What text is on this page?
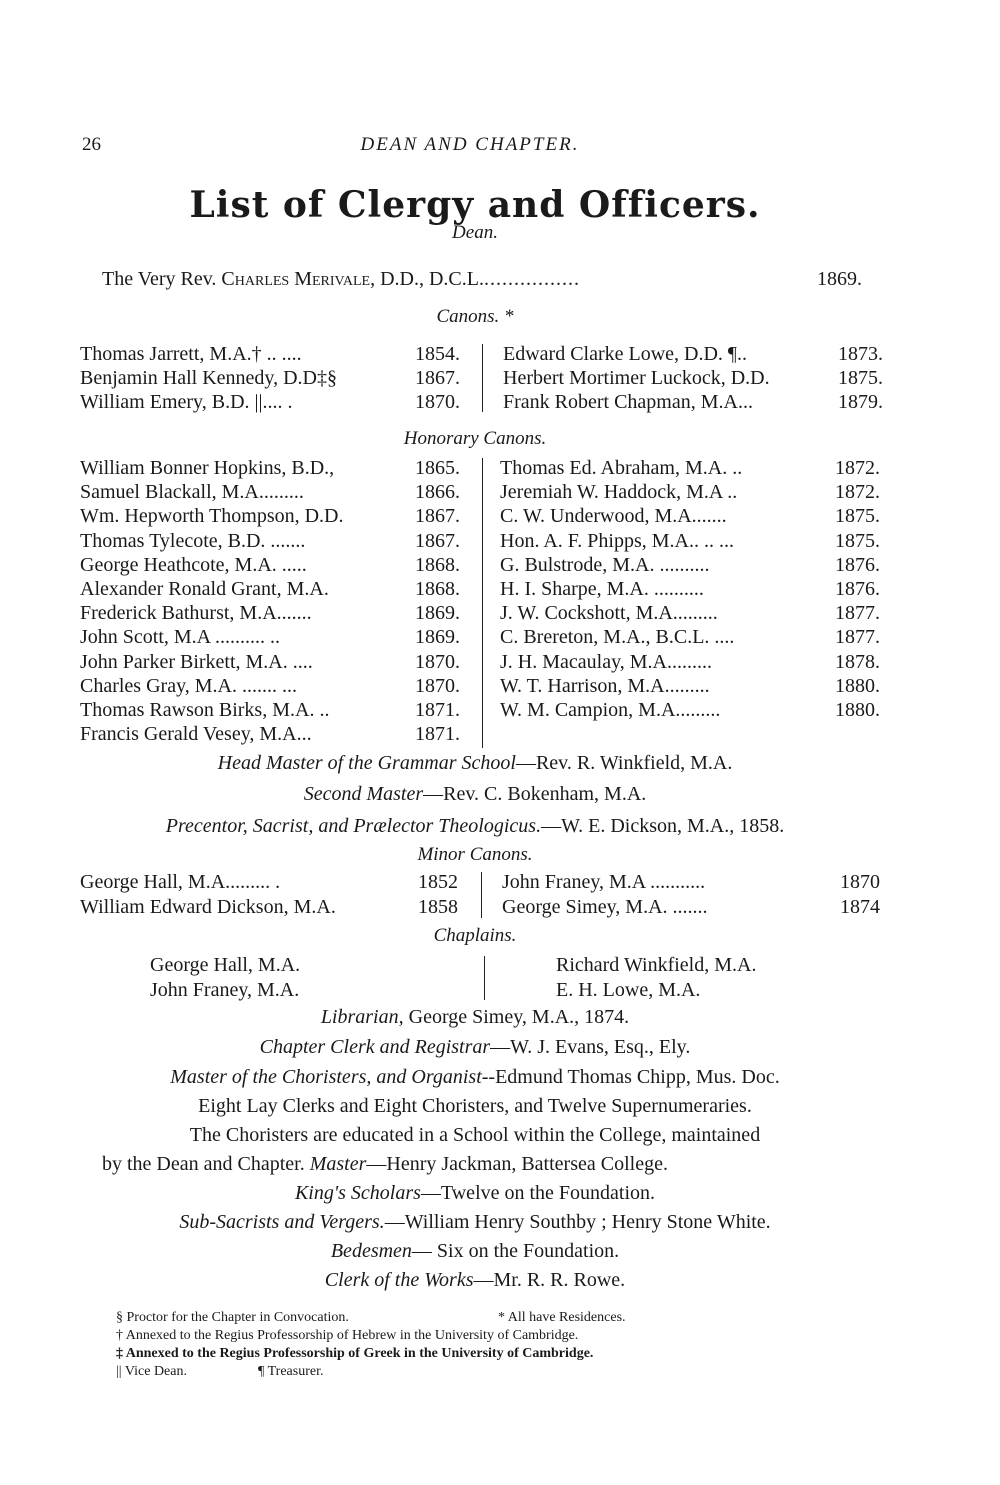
26	DEAN AND CHAPTER.
List of Clergy and Officers.
Dean.
The Very Rev. Charles Merivale, D.D., D.C.L.................	1869.
Canons. *
Thomas Jarrett, M.A.† .. ....	1854.
Benjamin Hall Kennedy, D.D‡§	1867.
William Emery, B.D. ||.... .	1870.
Edward Clarke Lowe, D.D. ¶..	1873.
Herbert Mortimer Luckock, D.D.	1875.
Frank Robert Chapman, M.A...	1879.
Honorary Canons.
William Bonner Hopkins, B.D.,	1865.
Samuel Blackall, M.A.........	1866.
Wm. Hepworth Thompson, D.D.	1867.
Thomas Tylecote, B.D. .......	1867.
George Heathcote, M.A. .....	1868.
Alexander Ronald Grant, M.A.	1868.
Frederick Bathurst, M.A.......	1869.
John Scott, M.A .......... ..	1869.
John Parker Birkett, M.A. ....	1870.
Charles Gray, M.A. ....... ...	1870.
Thomas Rawson Birks, M.A. ..	1871.
Francis Gerald Vesey, M.A...	1871.
Thomas Ed. Abraham, M.A. ..	1872.
Jeremiah W. Haddock, M.A ..	1872.
C. W. Underwood, M.A.......	1875.
Hon. A. F. Phipps, M.A.. .. ...	1875.
G. Bulstrode, M.A. ..........	1876.
H. I. Sharpe, M.A. ..........	1876.
J. W. Cockshott, M.A.........	1877.
C. Brereton, M.A., B.C.L. ....	1877.
J. H. Macaulay, M.A.........	1878.
W. T. Harrison, M.A.........	1880.
W. M. Campion, M.A.........	1880.
Head Master of the Grammar School—Rev. R. Winkfield, M.A.
Second Master—Rev. C. Bokenham, M.A.
Precentor, Sacrist, and Prælector Theologicus.—W. E. Dickson, M.A., 1858.
Minor Canons.
George Hall, M.A......... .	1852
William Edward Dickson, M.A.	1858
John Franey, M.A ...........	1870
George Simey, M.A. .......	1874
Chaplains.
George Hall, M.A.
John Franey, M.A.
Richard Winkfield, M.A.
E. H. Lowe, M.A.
Librarian, George Simey, M.A., 1874.
Chapter Clerk and Registrar—W. J. Evans, Esq., Ely.
Master of the Choristers, and Organist--Edmund Thomas Chipp, Mus. Doc.
Eight Lay Clerks and Eight Choristers, and Twelve Supernumeraries.
The Choristers are educated in a School within the College, maintained
by the Dean and Chapter. Master—Henry Jackman, Battersea College.
King's Scholars—Twelve on the Foundation.
Sub-Sacrists and Vergers.—William Henry Southby ; Henry Stone White.
Bedesmen— Six on the Foundation.
Clerk of the Works—Mr. R. R. Rowe.
§ Proctor for the Chapter in Convocation.	* All have Residences.
† Annexed to the Regius Professorship of Hebrew in the University of Cambridge.
‡ Annexed to the Regius Professorship of Greek in the University of Cambridge.
|| Vice Dean.	¶ Treasurer.
